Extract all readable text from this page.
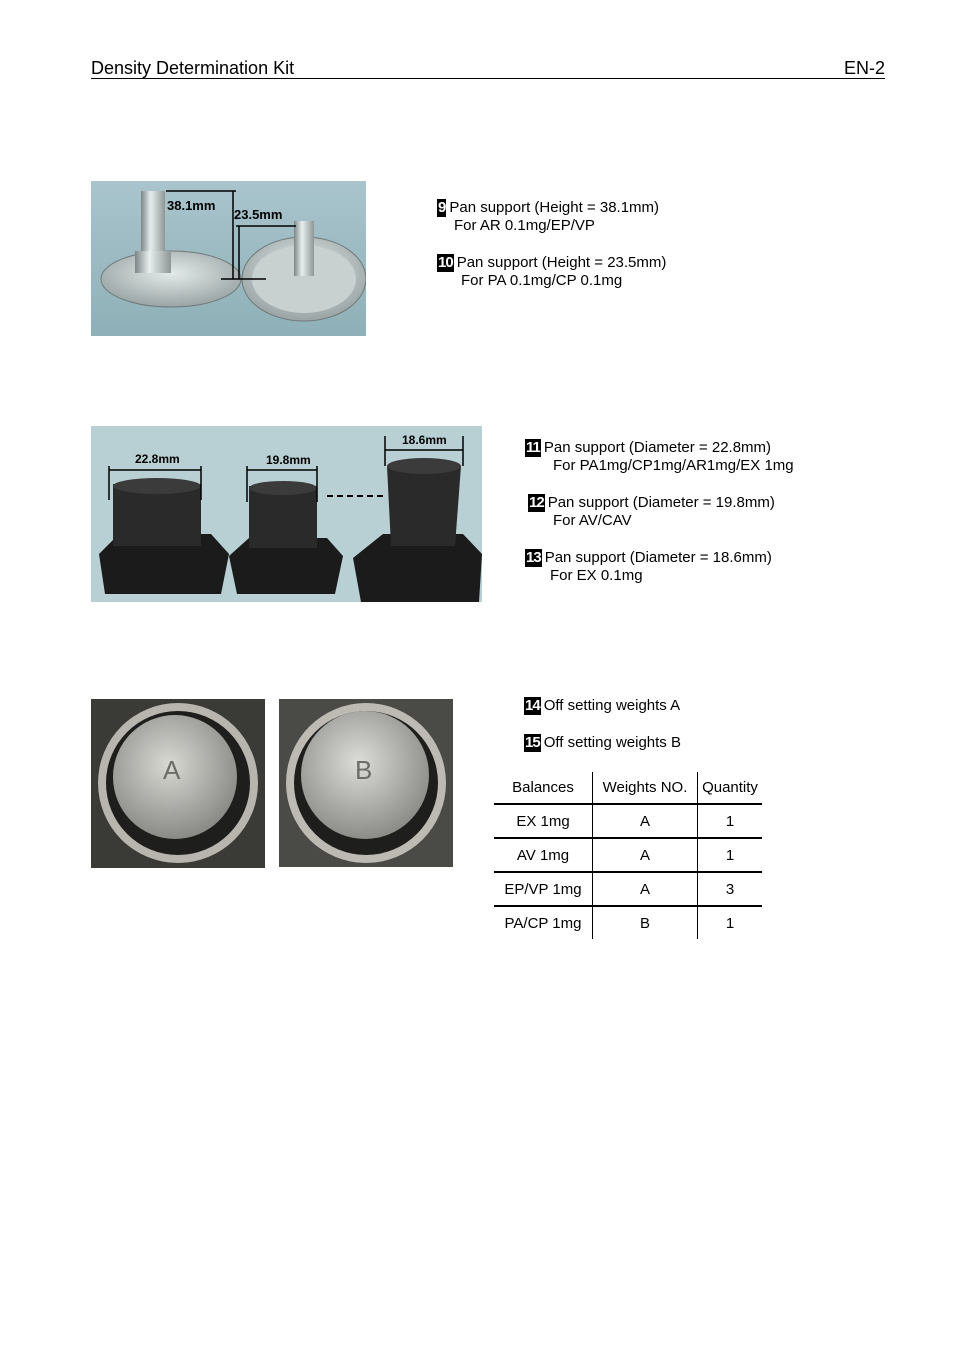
Density Determination Kit	EN-2
38.1mm
23.5mm	9 Pan support (Height = 38.1mm)
For AR 0.1mg/EP/VP
10 Pan support (Height = 23.5mm)
For PA 0.1mg/CP 0.1mg
22.8mm	19.8mm
18.6mm	11 Pan support (Diameter = 22.8mm)
For PA1mg/CP1mg/AR1mg/EX 1mg
12 Pan support (Diameter = 19.8mm)
For AV/CAV
13 Pan support (Diameter = 18.6mm)
For EX 0.1mg
A	B
14 Off setting weights A
15 Off setting weights B
Balances	Weights NO.	Quantity
EX 1mg	A	1
AV 1mg	A	1
EP/VP 1mg	A	3
PA/CP 1mg	B	1
